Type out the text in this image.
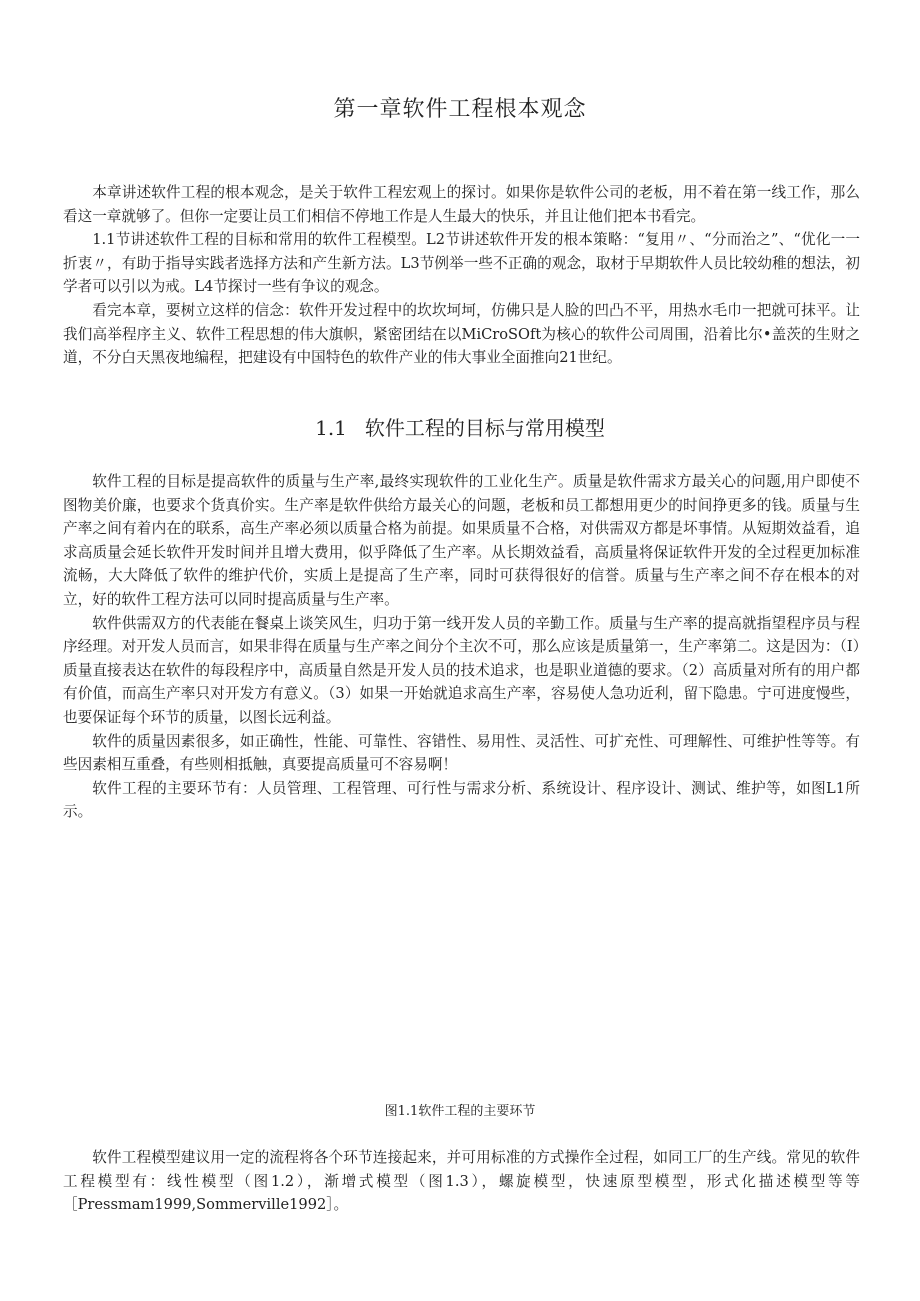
第一章软件工程根本观念

本章讲述软件工程的根本观念，是关于软件工程宏观上的探讨。如果你是软件公司的老板，用不着在第一线工作，那么看这一章就够了。但你一定要让员工们相信不停地工作是人生最大的快乐，并且让他们把本书看完。

1.1节讲述软件工程的目标和常用的软件工程模型。L2节讲述软件开发的根本策略：“复用〃、“分而治之”、“优化一一折衷〃，有助于指导实践者选择方法和产生新方法。L3节例举一些不正确的观念，取材于早期软件人员比较幼稚的想法，初学者可以引以为戒。L4节探讨一些有争议的观念。

看完本章，要树立这样的信念：软件开发过程中的坎坎坷坷，仿佛只是人脸的凹凸不平，用热水毛巾一把就可抹平。让我们高举程序主义、软件工程思想的伟大旗帜，紧密团结在以MiCroSOft为核心的软件公司周围，沿着比尔•盖茨的生财之道，不分白天黑夜地编程，把建设有中国特色的软件产业的伟大事业全面推向21世纪。

1.1 软件工程的目标与常用模型

软件工程的目标是提高软件的质量与生产率,最终实现软件的工业化生产。质量是软件需求方最关心的问题,用户即使不图物美价廉，也要求个货真价实。生产率是软件供给方最关心的问题，老板和员工都想用更少的时间挣更多的钱。质量与生产率之间有着内在的联系，高生产率必须以质量合格为前提。如果质量不合格，对供需双方都是坏事情。从短期效益看，追求高质量会延长软件开发时间并且增大费用，似乎降低了生产率。从长期效益看，高质量将保证软件开发的全过程更加标准流畅，大大降低了软件的维护代价，实质上是提高了生产率，同时可获得很好的信誉。质量与生产率之间不存在根本的对立，好的软件工程方法可以同时提高质量与生产率。

软件供需双方的代表能在餐桌上谈笑风生，归功于第一线开发人员的辛勤工作。质量与生产率的提高就指望程序员与程序经理。对开发人员而言，如果非得在质量与生产率之间分个主次不可，那么应该是质量第一，生产率第二。这是因为：（I）质量直接表达在软件的每段程序中，高质量自然是开发人员的技术追求，也是职业道德的要求。（2）高质量对所有的用户都有价值，而高生产率只对开发方有意义。（3）如果一开始就追求高生产率，容易使人急功近利，留下隐患。宁可进度慢些，也要保证每个环节的质量，以图长远利益。

软件的质量因素很多，如正确性，性能、可靠性、容错性、易用性、灵活性、可扩充性、可理解性、可维护性等等。有些因素相互重叠，有些则相抵触，真要提高质量可不容易啊！

软件工程的主要环节有：人员管理、工程管理、可行性与需求分析、系统设计、程序设计、测试、维护等，如图L1所示。

图1.1软件工程的主要环节

软件工程模型建议用一定的流程将各个环节连接起来，并可用标准的方式操作全过程，如同工厂的生产线。常见的软件工程模型有：线性模型（图1.2），渐增式模型（图1.3），螺旋模型，快速原型模型，形式化描述模型等等［Pressmam1999,Sommerville1992］。
